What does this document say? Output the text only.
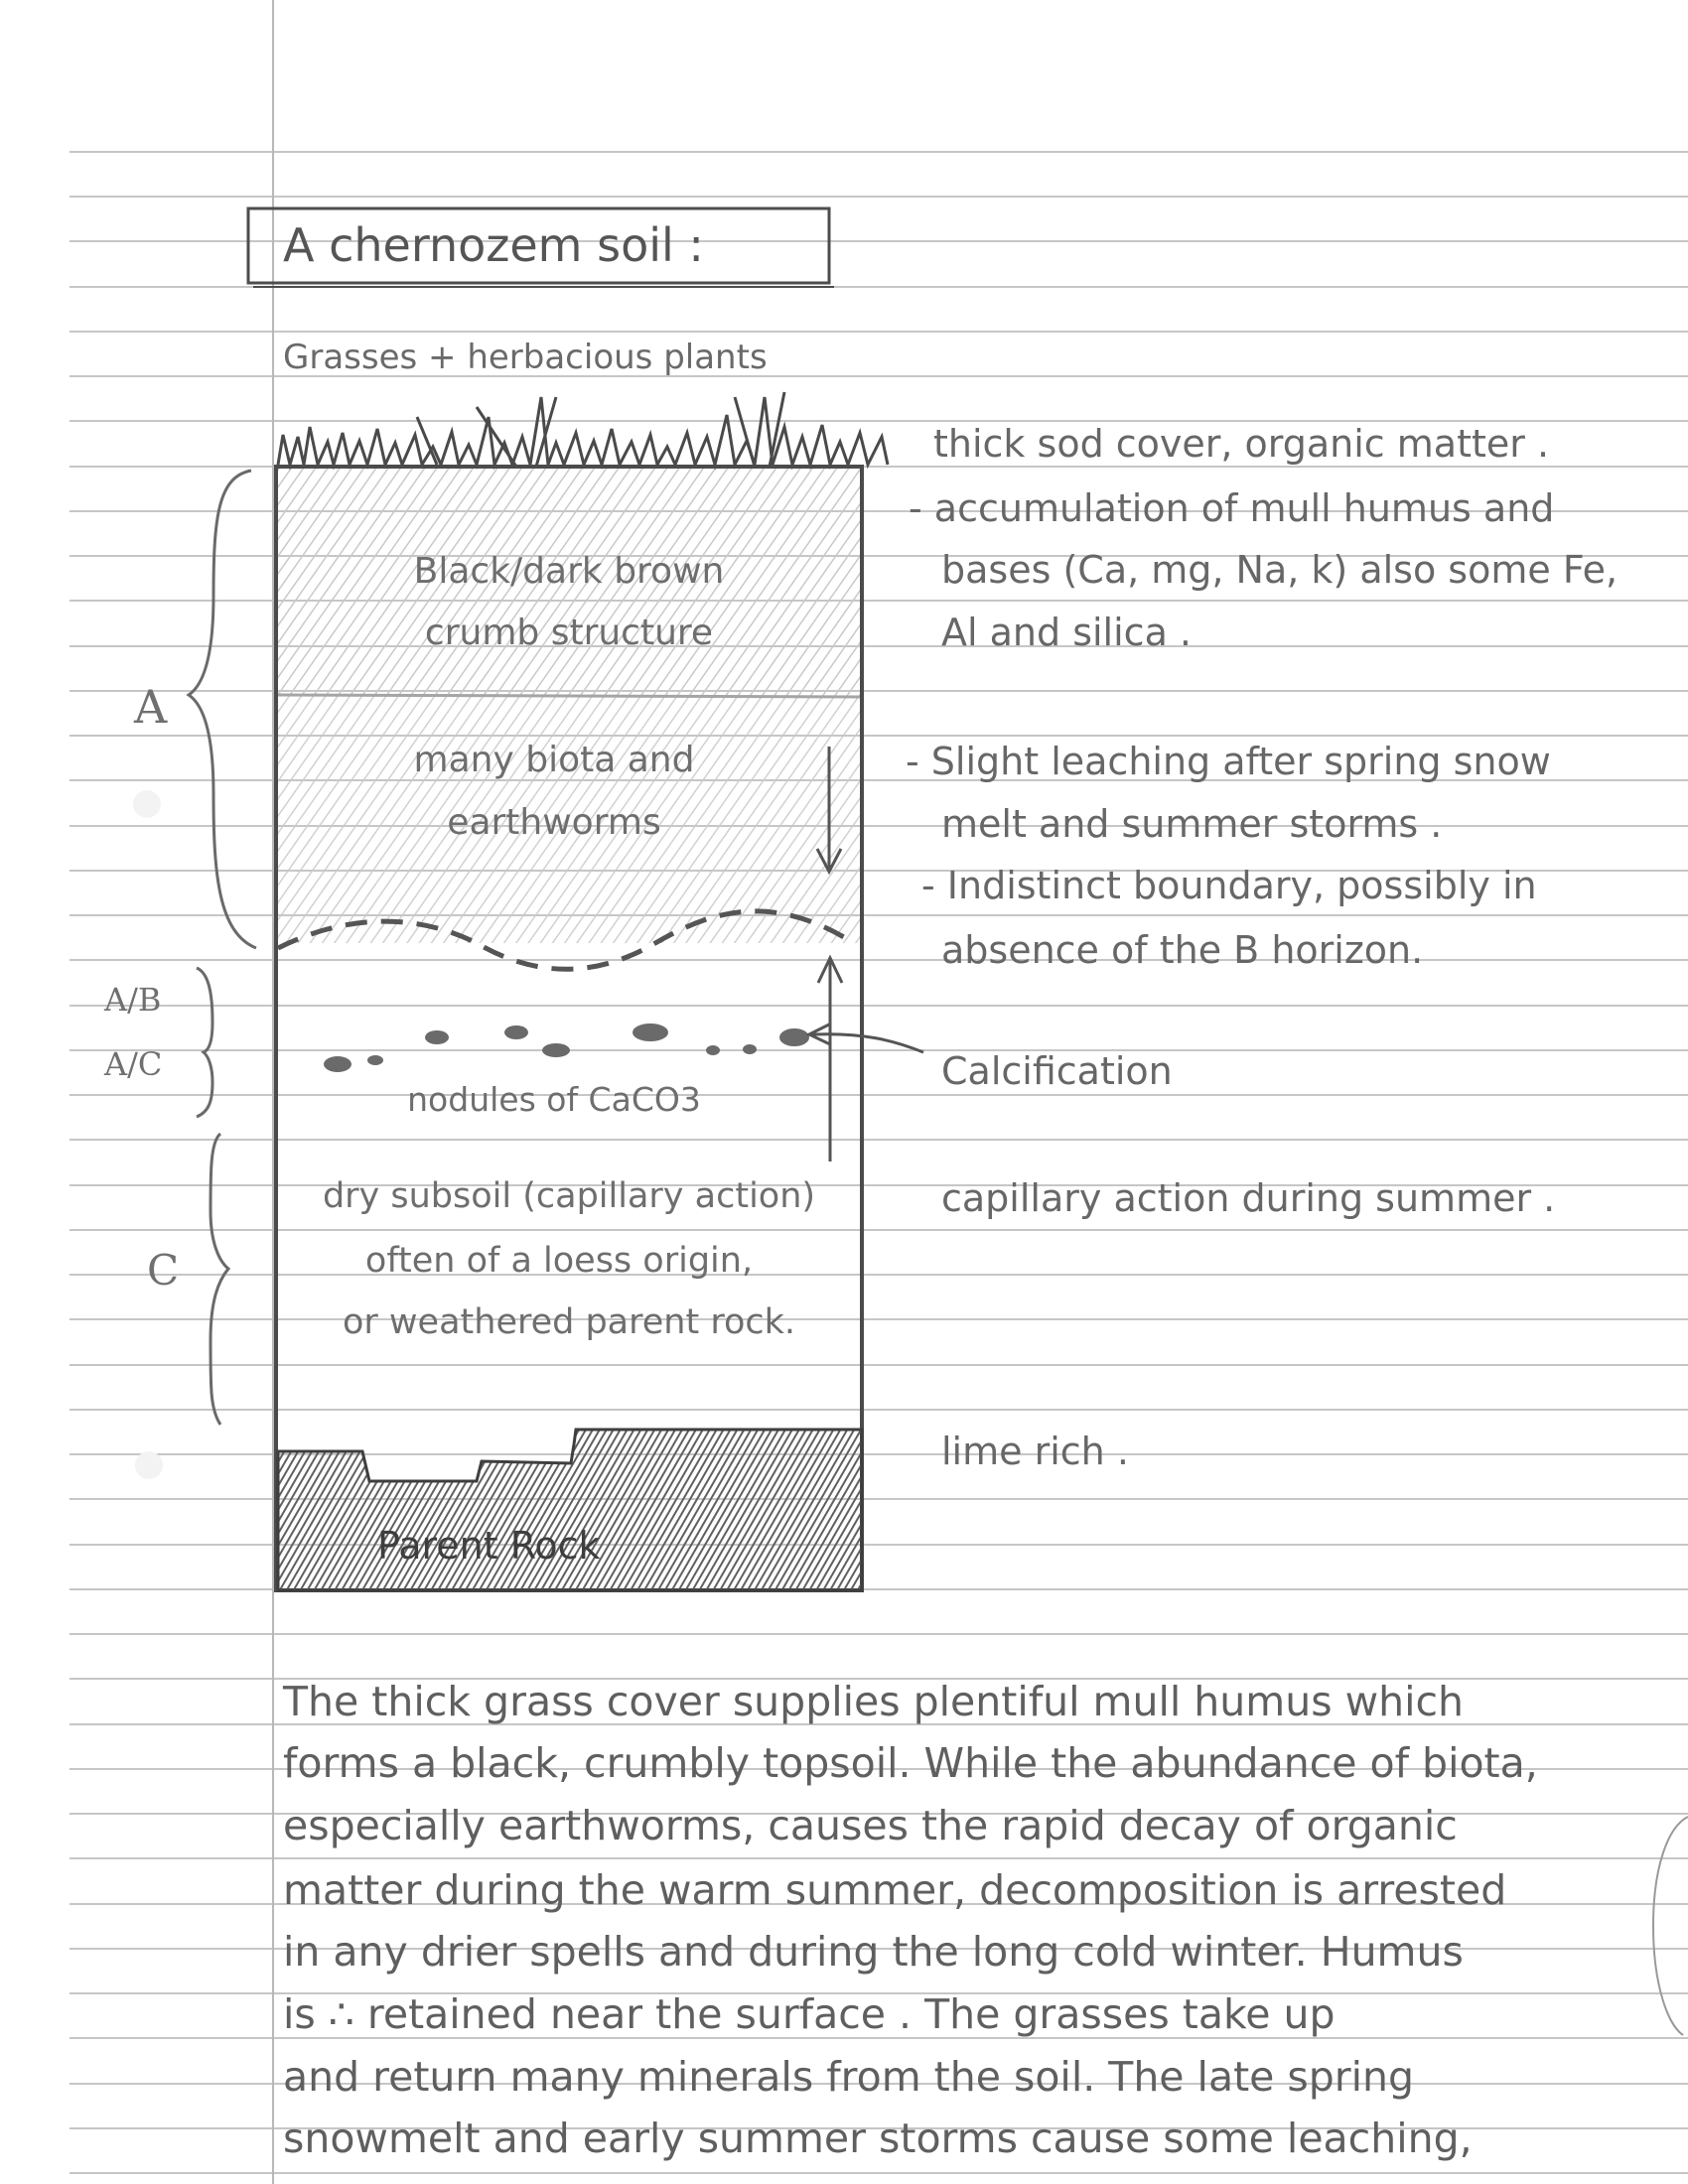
A chernozem soil :
Grasses + herbacious plants
A
A/B
A/C
C
Black/dark brown
crumb structure
many biota and
earthworms
nodules of CaCO3
dry subsoil (capillary action)
often of a loess origin,
or weathered parent rock.
Parent Rock
thick sod cover, organic matter .
- accumulation of mull humus and
bases (Ca, mg, Na, k) also some Fe,
Al and silica .
- Slight leaching after spring snow
melt and summer storms .
- Indistinct boundary, possibly in
absence of the B horizon.
Calcification
capillary action during summer .
lime rich .
The thick grass cover supplies plentiful mull humus which
forms a black, crumbly topsoil. While the abundance of biota,
especially earthworms, causes the rapid decay of organic
matter during the warm summer, decomposition is arrested
in any drier spells and during the long cold winter. Humus
is ∴ retained near the surface . The grasses take up
and return many minerals from the soil. The late spring
snowmelt and early summer storms cause some leaching,
